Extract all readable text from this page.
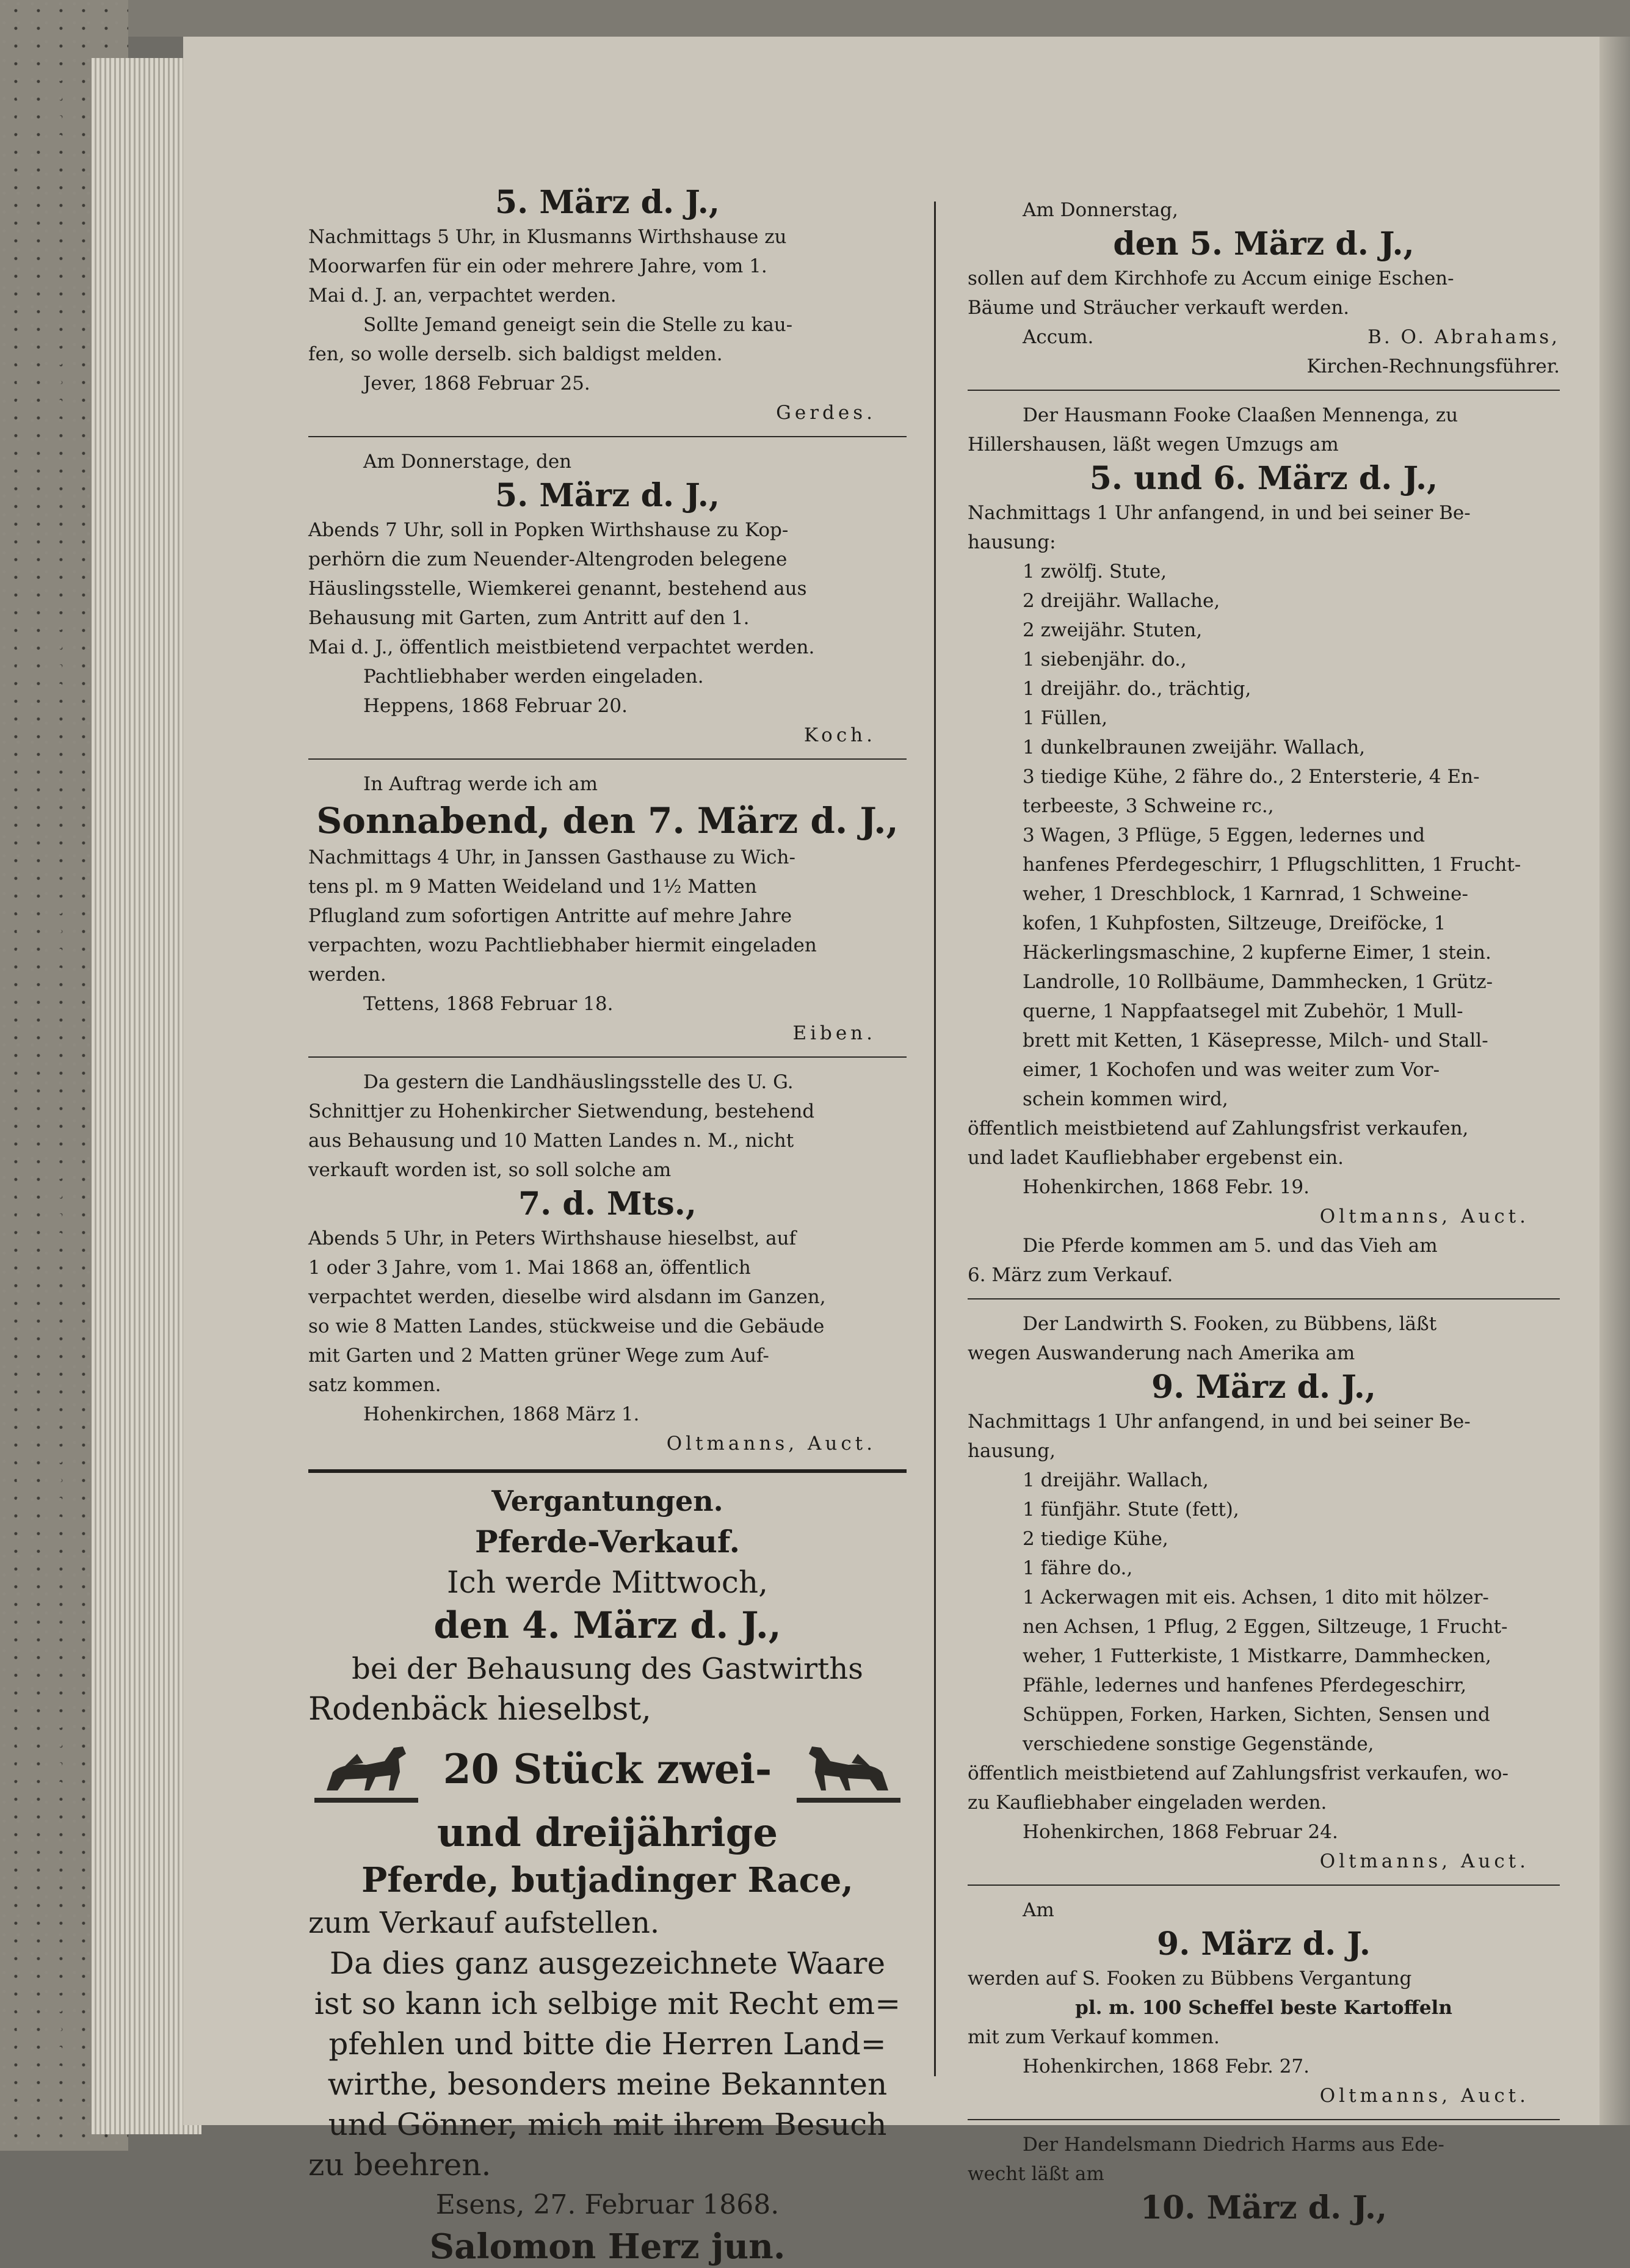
5. März d. J.,

Nachmittags 5 Uhr, in Klusmanns Wirthshause zu

Moorwarfen für ein oder mehrere Jahre, vom 1.

Mai d. J. an, verpachtet werden.

Sollte Jemand geneigt sein die Stelle zu kau-

fen, so wolle derselb. sich baldigst melden.

Jever, 1868 Februar 25.

Gerdes.

Am Donnerstage, den

5. März d. J.,

Abends 7 Uhr, soll in Popken Wirthshause zu Kop-

perhörn die zum Neuender-Altengroden belegene

Häuslingsstelle, Wiemkerei genannt, bestehend aus

Behausung mit Garten, zum Antritt auf den 1.

Mai d. J., öffentlich meistbietend verpachtet werden.

Pachtliebhaber werden eingeladen.

Heppens, 1868 Februar 20.

Koch.

In Auftrag werde ich am

Sonnabend, den 7. März d. J.,

Nachmittags 4 Uhr, in Janssen Gasthause zu Wich-

tens pl. m 9 Matten Weideland und 1½ Matten

Pflugland zum sofortigen Antritte auf mehre Jahre

verpachten, wozu Pachtliebhaber hiermit eingeladen

werden.

Tettens, 1868 Februar 18.

Eiben.

Da gestern die Landhäuslingsstelle des U. G.

Schnittjer zu Hohenkircher Sietwendung, bestehend

aus Behausung und 10 Matten Landes n. M., nicht

verkauft worden ist, so soll solche am

7. d. Mts.,

Abends 5 Uhr, in Peters Wirthshause hieselbst, auf

1 oder 3 Jahre, vom 1. Mai 1868 an, öffentlich

verpachtet werden, dieselbe wird alsdann im Ganzen,

so wie 8 Matten Landes, stückweise und die Gebäude

mit Garten und 2 Matten grüner Wege zum Auf-

satz kommen.

Hohenkirchen, 1868 März 1.

Oltmanns, Auct.

Vergantungen.

Pferde-Verkauf.

Ich werde Mittwoch,

den 4. März d. J.,

bei der Behausung des Gastwirths

Rodenbäck hieselbst,

20 Stück zwei-

und dreijährige

Pferde, butjadinger Race,

zum Verkauf aufstellen.

Da dies ganz ausgezeichnete Waare

ist so kann ich selbige mit Recht em=

pfehlen und bitte die Herren Land=

wirthe, besonders meine Bekannten

und Gönner, mich mit ihrem Besuch

zu beehren.

Esens, 27. Februar 1868.

Salomon Herz jun.

Am Donnerstag,

den 5. März d. J.,

sollen auf dem Kirchhofe zu Accum einige Eschen-

Bäume und Sträucher verkauft werden.

Accum.	B. O. Abrahams,

Kirchen-Rechnungsführer.

Der Hausmann Fooke Claaßen Mennenga, zu

Hillershausen, läßt wegen Umzugs am

5. und 6. März d. J.,

Nachmittags 1 Uhr anfangend, in und bei seiner Be-

hausung:

1 zwölfj. Stute,

2 dreijähr. Wallache,

2 zweijähr. Stuten,

1 siebenjähr. do.,

1 dreijähr. do., trächtig,

1 Füllen,

1 dunkelbraunen zweijähr. Wallach,

3 tiedige Kühe, 2 fähre do., 2 Entersterie, 4 En-

terbeeste, 3 Schweine rc.,

3 Wagen, 3 Pflüge, 5 Eggen, ledernes und

hanfenes Pferdegeschirr, 1 Pflugschlitten, 1 Frucht-

weher, 1 Dreschblock, 1 Karnrad, 1 Schweine-

kofen, 1 Kuhpfosten, Siltzeuge, Dreiföcke, 1

Häckerlingsmaschine, 2 kupferne Eimer, 1 stein.

Landrolle, 10 Rollbäume, Dammhecken, 1 Grütz-

querne, 1 Nappfaatsegel mit Zubehör, 1 Mull-

brett mit Ketten, 1 Käsepresse, Milch- und Stall-

eimer, 1 Kochofen und was weiter zum Vor-

schein kommen wird,

öffentlich meistbietend auf Zahlungsfrist verkaufen,

und ladet Kaufliebhaber ergebenst ein.

Hohenkirchen, 1868 Febr. 19.

Oltmanns, Auct.

Die Pferde kommen am 5. und das Vieh am

6. März zum Verkauf.

Der Landwirth S. Fooken, zu Bübbens, läßt

wegen Auswanderung nach Amerika am

9. März d. J.,

Nachmittags 1 Uhr anfangend, in und bei seiner Be-

hausung,

1 dreijähr. Wallach,

1 fünfjähr. Stute (fett),

2 tiedige Kühe,

1 fähre do.,

1 Ackerwagen mit eis. Achsen, 1 dito mit hölzer-

nen Achsen, 1 Pflug, 2 Eggen, Siltzeuge, 1 Frucht-

weher, 1 Futterkiste, 1 Mistkarre, Dammhecken,

Pfähle, ledernes und hanfenes Pferdegeschirr,

Schüppen, Forken, Harken, Sichten, Sensen und

verschiedene sonstige Gegenstände,

öffentlich meistbietend auf Zahlungsfrist verkaufen, wo-

zu Kaufliebhaber eingeladen werden.

Hohenkirchen, 1868 Februar 24.

Oltmanns, Auct.

Am

9. März d. J.

werden auf S. Fooken zu Bübbens Vergantung

pl. m. 100 Scheffel beste Kartoffeln

mit zum Verkauf kommen.

Hohenkirchen, 1868 Febr. 27.

Oltmanns, Auct.

Der Handelsmann Diedrich Harms aus Ede-

wecht läßt am

10. März d. J.,
